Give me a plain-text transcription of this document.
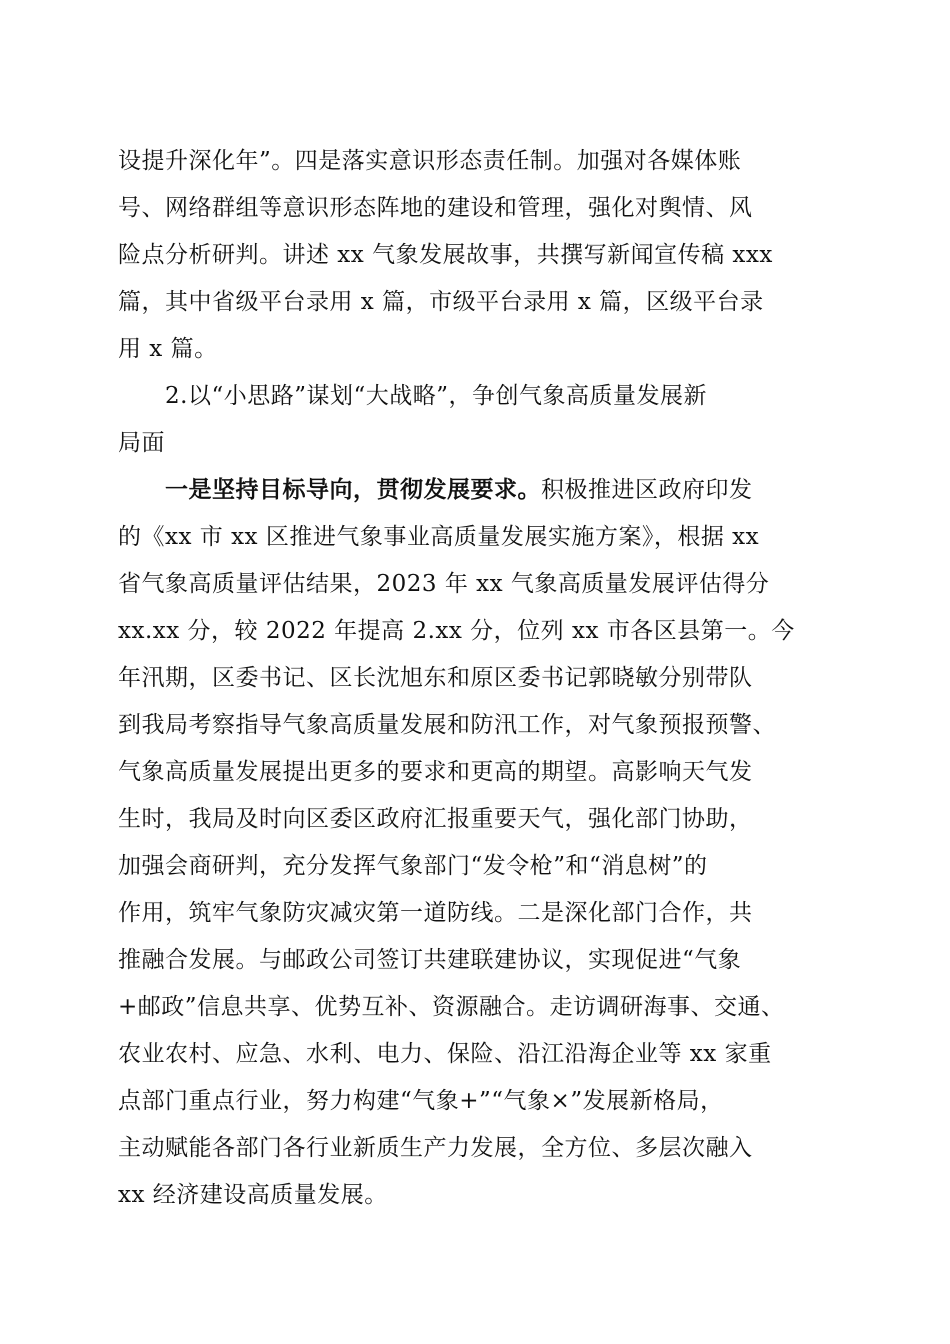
设提升深化年”。四是落实意识形态责任制。加强对各媒体账
号、网络群组等意识形态阵地的建设和管理，强化对舆情、风
险点分析研判。讲述 xx 气象发展故事，共撰写新闻宣传稿 xxx
篇，其中省级平台录用 x 篇，市级平台录用 x 篇，区级平台录
用 x 篇。
2.以“小思路”谋划“大战略”，争创气象高质量发展新
局面
一是坚持目标导向，贯彻发展要求。积极推进区政府印发
的《xx 市 xx 区推进气象事业高质量发展实施方案》，根据 xx
省气象高质量评估结果，2023 年 xx 气象高质量发展评估得分
xx.xx 分，较 2022 年提高 2.xx 分，位列 xx 市各区县第一。今
年汛期，区委书记、区长沈旭东和原区委书记郭晓敏分别带队
到我局考察指导气象高质量发展和防汛工作，对气象预报预警、
气象高质量发展提出更多的要求和更高的期望。高影响天气发
生时，我局及时向区委区政府汇报重要天气，强化部门协助，
加强会商研判，充分发挥气象部门“发令枪”和“消息树”的
作用，筑牢气象防灾减灾第一道防线。二是深化部门合作，共
推融合发展。与邮政公司签订共建联建协议，实现促进“气象
+邮政”信息共享、优势互补、资源融合。走访调研海事、交通、
农业农村、应急、水利、电力、保险、沿江沿海企业等 xx 家重
点部门重点行业，努力构建“气象+”“气象×”发展新格局，
主动赋能各部门各行业新质生产力发展，全方位、多层次融入
xx 经济建设高质量发展。
